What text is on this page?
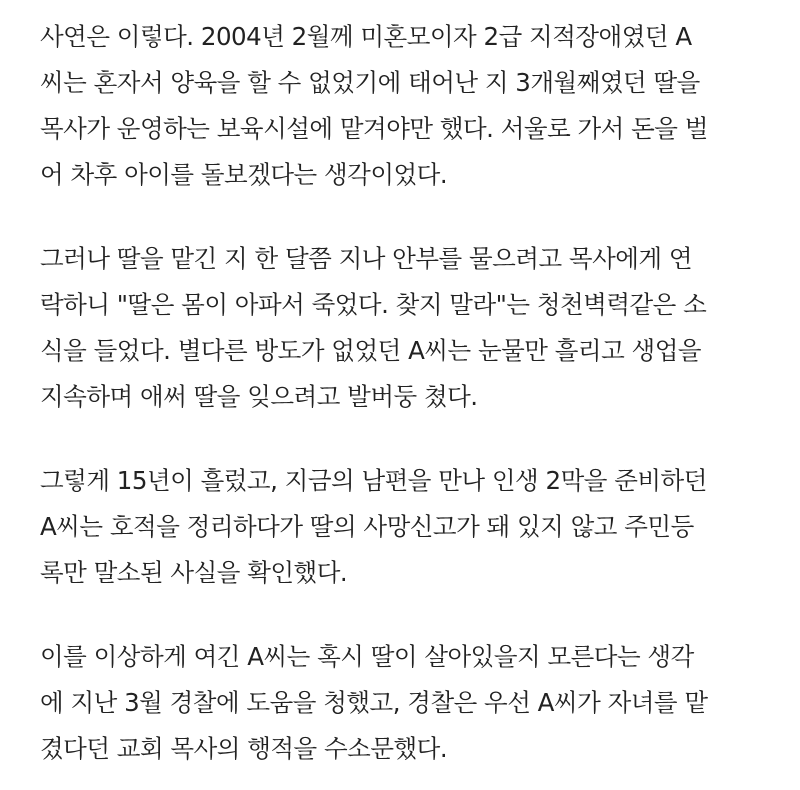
사연은 이렇다. 2004년 2월께 미혼모이자 2급 지적장애였던 A
씨는 혼자서 양육을 할 수 없었기에 태어난 지 3개월째였던 딸을
목사가 운영하는 보육시설에 맡겨야만 했다. 서울로 가서 돈을 벌
어 차후 아이를 돌보겠다는 생각이었다.
그러나 딸을 맡긴 지 한 달쯤 지나 안부를 물으려고 목사에게 연
락하니 "딸은 몸이 아파서 죽었다. 찾지 말라"는 청천벽력같은 소
식을 들었다. 별다른 방도가 없었던 A씨는 눈물만 흘리고 생업을
지속하며 애써 딸을 잊으려고 발버둥 쳤다.
그렇게 15년이 흘렀고, 지금의 남편을 만나 인생 2막을 준비하던
A씨는 호적을 정리하다가 딸의 사망신고가 돼 있지 않고 주민등
록만 말소된 사실을 확인했다.
이를 이상하게 여긴 A씨는 혹시 딸이 살아있을지 모른다는 생각
에 지난 3월 경찰에 도움을 청했고, 경찰은 우선 A씨가 자녀를 맡
겼다던 교회 목사의 행적을 수소문했다.
